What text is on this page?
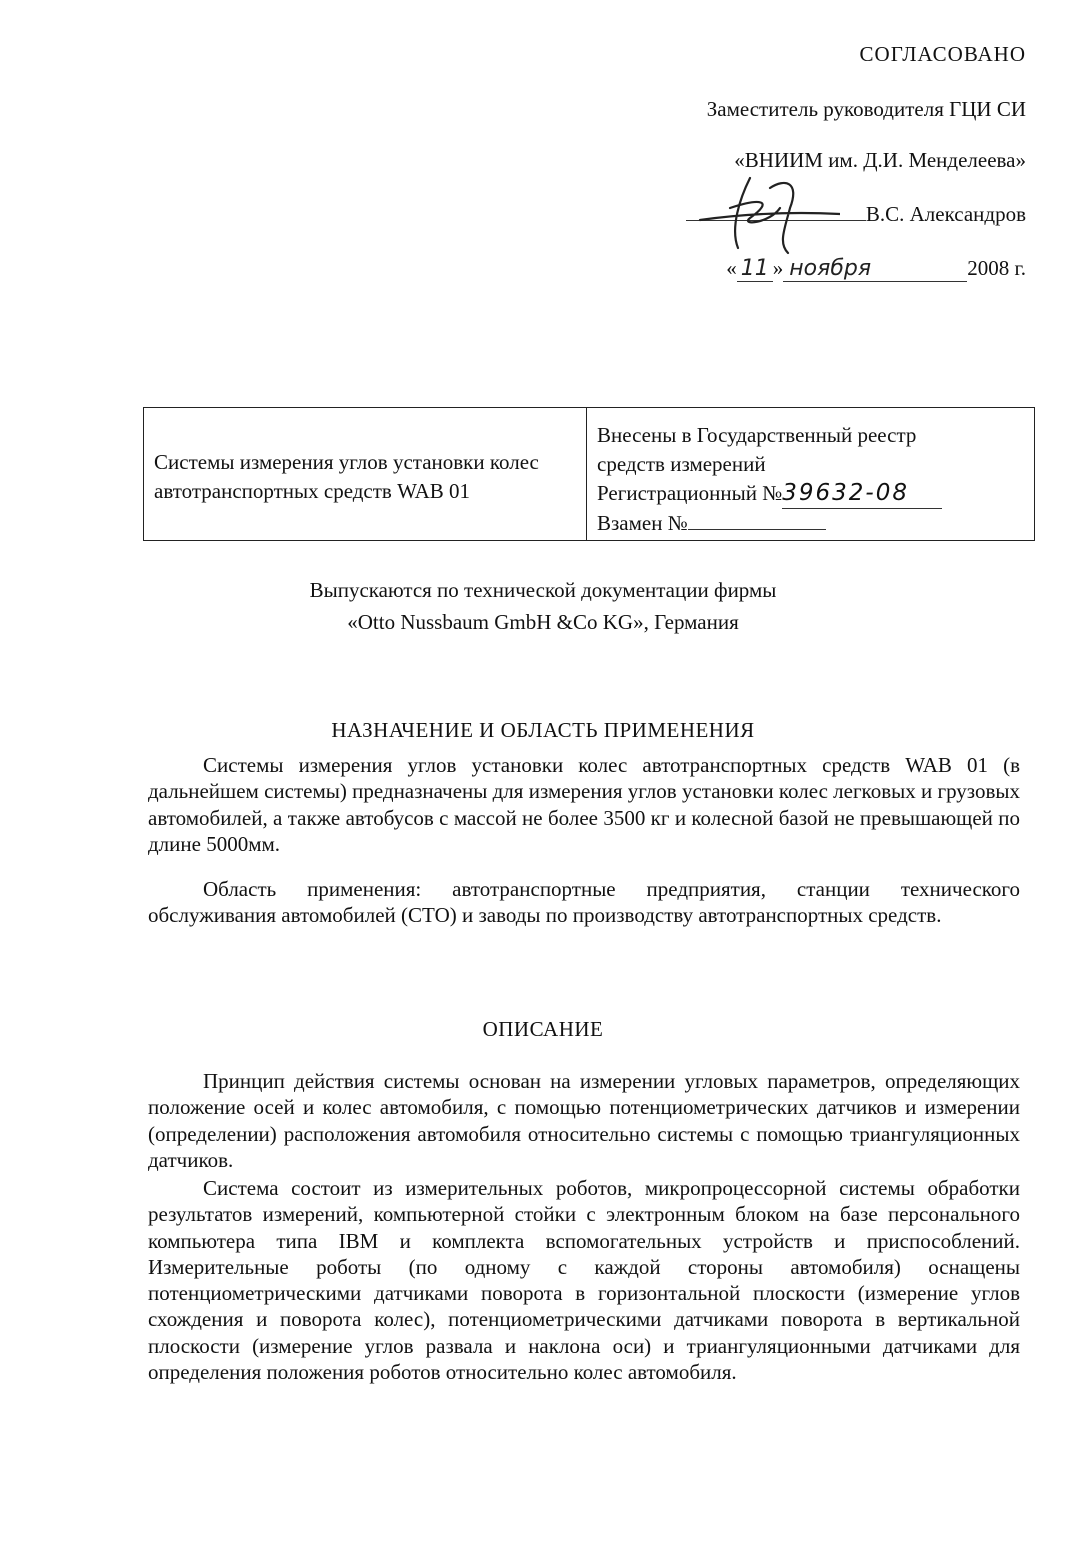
СОГЛАСОВАНО
Заместитель руководителя ГЦИ СИ
«ВНИИМ им. Д.И. Менделеева»
В.С. Александров
« 11 » ноября	2008 г.
Системы измерения углов установки колес автотранспортных средств WAB 01
Внесены в Государственный реестр
средств измерений
Регистрационный №39632-08
Взамен №
Выпускаются по технической документации фирмы
«Otto Nussbaum GmbH &Co KG», Германия
НАЗНАЧЕНИЕ И ОБЛАСТЬ ПРИМЕНЕНИЯ
Системы измерения углов установки колес автотранспортных средств WAB 01 (в дальнейшем системы) предназначены для измерения углов установки колес легковых и грузовых автомобилей, а также автобусов с массой не более 3500 кг и колесной базой не превышающей по длине 5000мм.
Область применения: автотранспортные предприятия, станции технического обслуживания автомобилей (СТО) и заводы по производству автотранспортных средств.
ОПИСАНИЕ
Принцип действия системы основан на измерении угловых параметров, определяющих положение осей и колес автомобиля, с помощью потенциометрических датчиков и измерении (определении) расположения автомобиля относительно системы с помощью триангуляционных датчиков.
Система состоит из измерительных роботов, микропроцессорной системы обработки результатов измерений, компьютерной стойки с электронным блоком на базе персонального компьютера типа IBM и комплекта вспомогательных устройств и приспособлений. Измерительные роботы (по одному с каждой стороны автомобиля) оснащены потенциометрическими датчиками поворота в горизонтальной плоскости (измерение углов схождения и поворота колес), потенциометрическими датчиками поворота в вертикальной плоскости (измерение углов развала и наклона оси) и триангуляционными датчиками для определения положения роботов относительно колес автомобиля.
